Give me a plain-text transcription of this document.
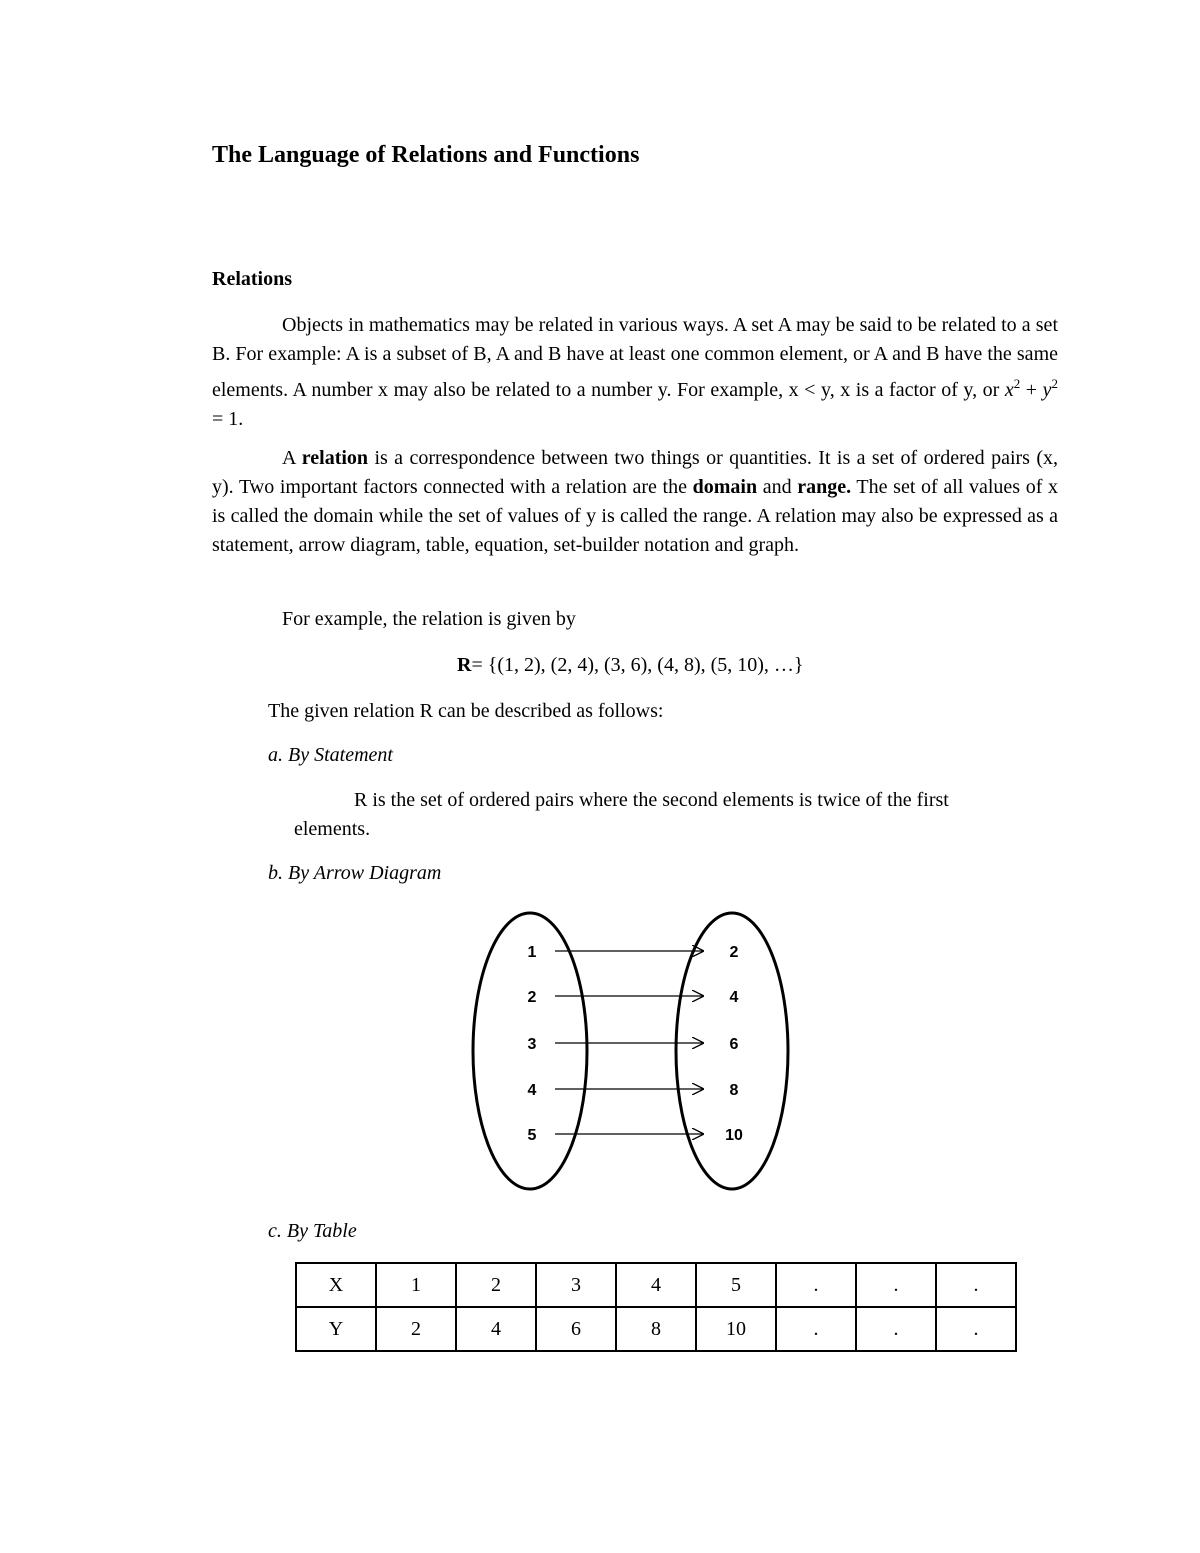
The Language of Relations and Functions
Relations
Objects in mathematics may be related in various ways. A set A may be said to be related to a set B. For example: A is a subset of B, A and B have at least one common element, or A and B have the same elements. A number x may also be related to a number y. For example, x < y, x is a factor of y, or $x^2 + y^2 = 1$.
A relation is a correspondence between two things or quantities. It is a set of ordered pairs (x, y). Two important factors connected with a relation are the domain and range. The set of all values of x is called the domain while the set of values of y is called the range. A relation may also be expressed as a statement, arrow diagram, table, equation, set-builder notation and graph.
For example, the relation is given by
R= {(1, 2), (2, 4), (3, 6), (4, 8), (5, 10), …}
The given relation R can be described as follows:
a. By Statement
R is the set of ordered pairs where the second elements is twice of the first
elements.
b. By Arrow Diagram
1
2
3
4
5
2
4
6
8
10
c. By Table
X	1	2	3	4	5	.	.	.
Y	2	4	6	8	10	.	.	.
